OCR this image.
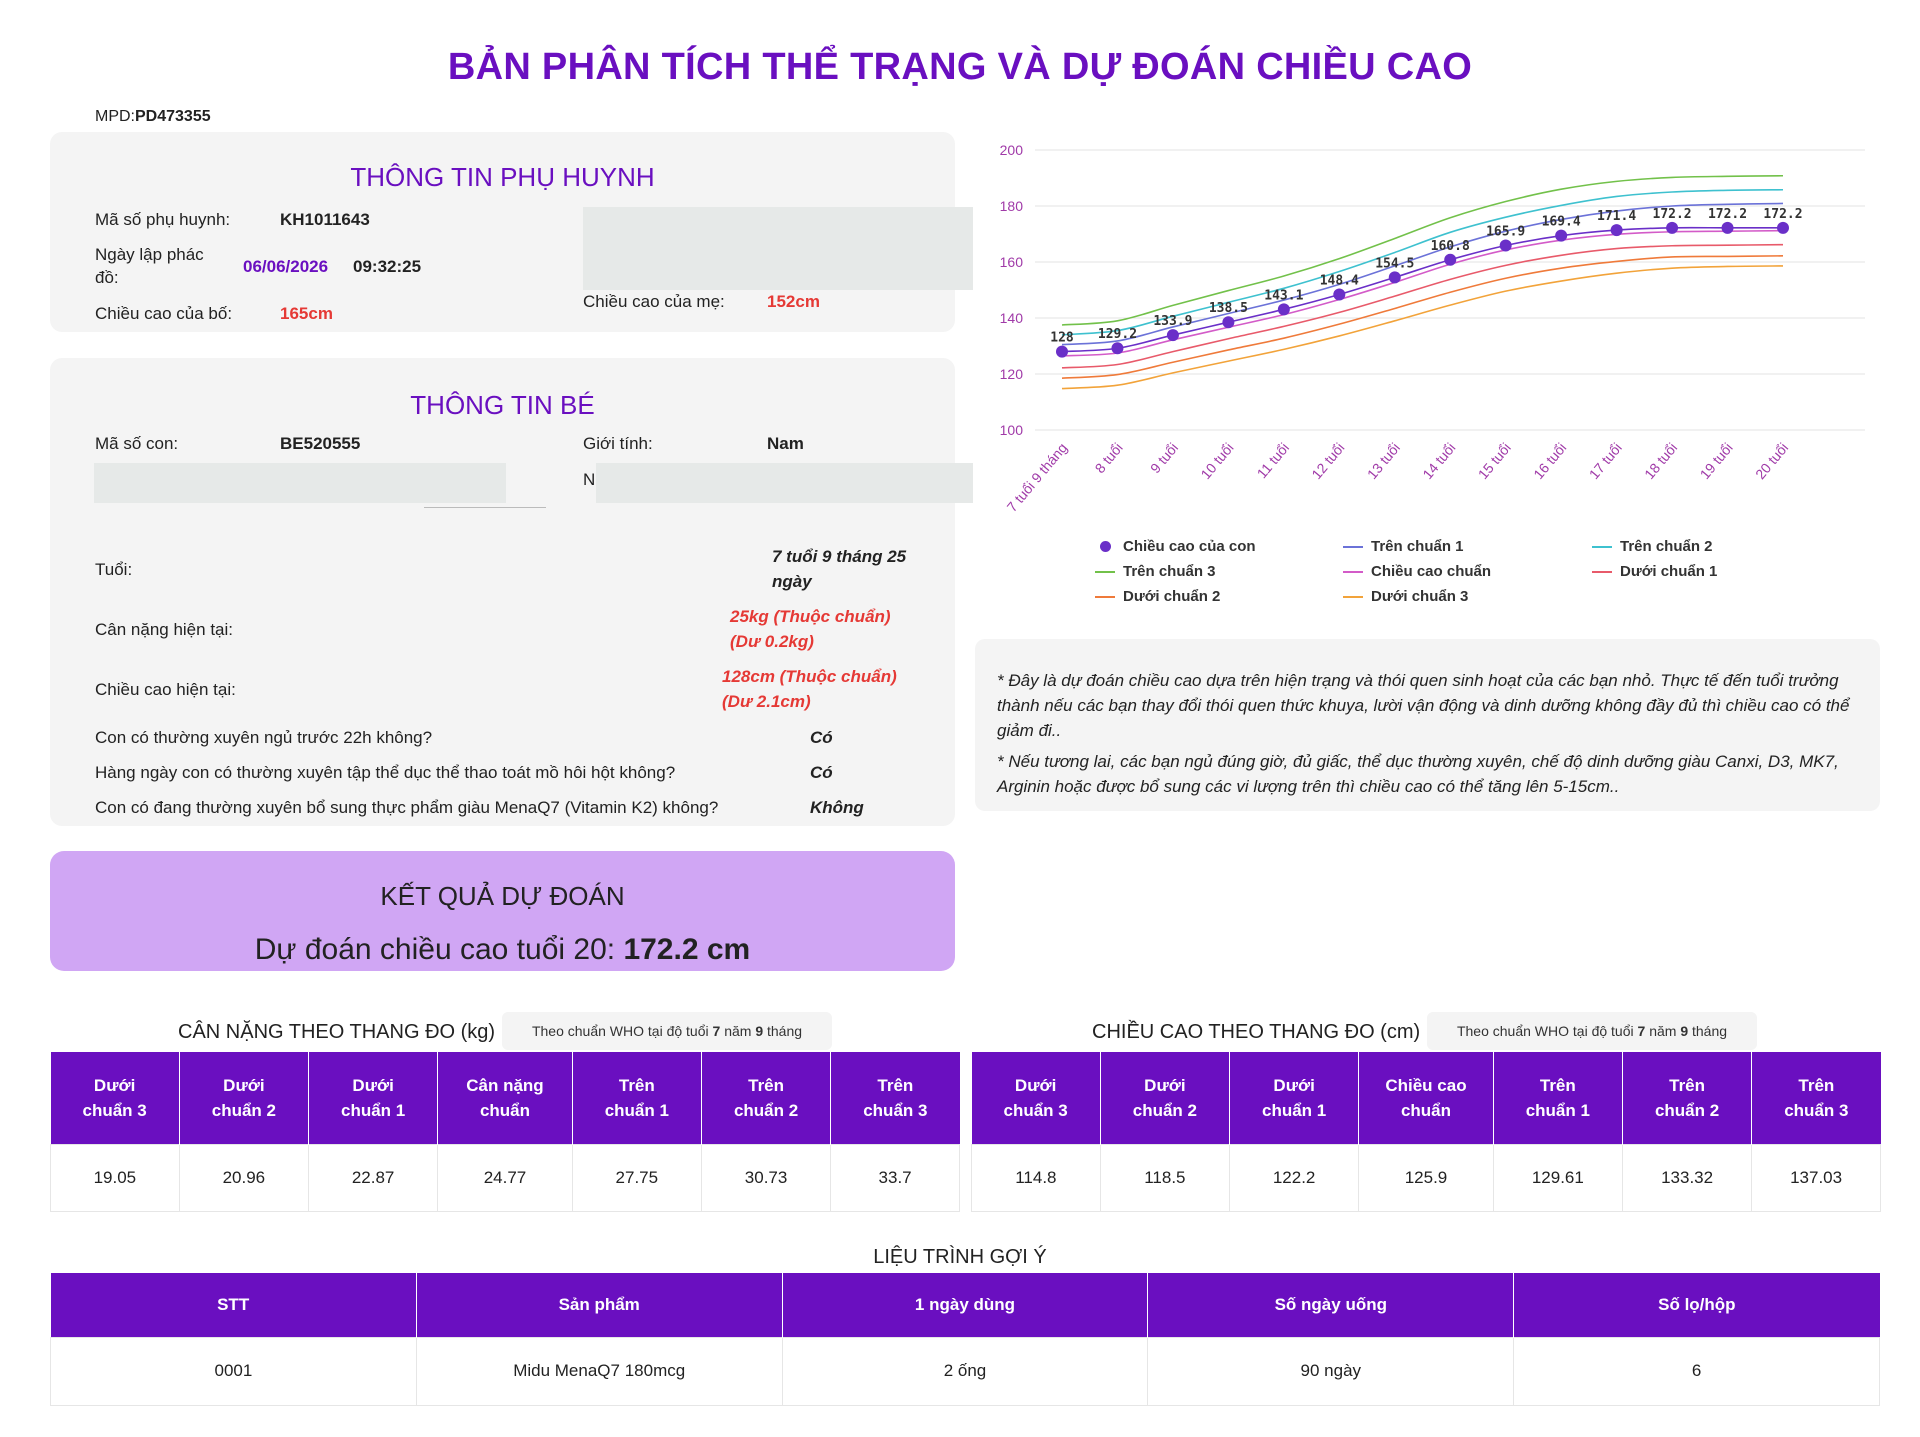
BẢN PHÂN TÍCH THỂ TRẠNG VÀ DỰ ĐOÁN CHIỀU CAO
MPD:PD473355
THÔNG TIN PHỤ HUYNH
Mã số phụ huynh:	KH1011643
Ngày lập phác đồ:
06/06/2026 09:32:25
Chiều cao của bố:	165cm
Chiều cao của mẹ: 152cm
THÔNG TIN BÉ
Mã số con:	BE520555	Giới tính:	Nam
N
Tuổi:
7 tuổi 9 tháng 25 ngày
Cân nặng hiện tại:
25kg (Thuộc chuẩn) (Dư 0.2kg)
Chiều cao hiện tại:
128cm (Thuộc chuẩn) (Dư 2.1cm)
Con có thường xuyên ngủ trước 22h không?	Có
Hàng ngày con có thường xuyên tập thể dục thể thao toát mồ hôi hột không?	Có
Con có đang thường xuyên bổ sung thực phẩm giàu MenaQ7 (Vitamin K2) không?	Không
KẾT QUẢ DỰ ĐOÁN
Dự đoán chiều cao tuổi 20: 172.2 cm
100
120
140
160
180
200
7 tuổi 9 tháng 8 tuổi 9 tuổi 10 tuổi 11 tuổi 12 tuổi 13 tuổi 14 tuổi 15 tuổi 16 tuổi 17 tuổi 18 tuổi 19 tuổi 20 tuổi
128 129.2
133.9
138.5
143.1
148.4
154.5
160.8
165.9
169.4 171.4 172.2 172.2 172.2
Chiều cao của con	Trên chuẩn 1	Trên chuẩn 2
Trên chuẩn 3	Chiều cao chuẩn	Dưới chuẩn 1
Dưới chuẩn 2	Dưới chuẩn 3
* Đây là dự đoán chiều cao dựa trên hiện trạng và thói quen sinh hoạt của các bạn nhỏ. Thực tế đến tuổi trưởng thành nếu các bạn thay đổi thói quen thức khuya, lười vận động và dinh dưỡng không đầy đủ thì chiều cao có thể giảm đi..
* Nếu tương lai, các bạn ngủ đúng giờ, đủ giấc, thể dục thường xuyên, chế độ dinh dưỡng giàu Canxi, D3, MK7, Arginin hoặc được bổ sung các vi lượng trên thì chiều cao có thể tăng lên 5-15cm..
CÂN NẶNG THEO THANG ĐO (kg)	Theo chuẩn WHO tại độ tuổi 7 năm 9 tháng
Dưới chuẩn 3	Dưới chuẩn 2	Dưới chuẩn 1	Cân nặng chuẩn	Trên chuẩn 1	Trên chuẩn 2	Trên chuẩn 3
19.05	20.96	22.87	24.77	27.75	30.73	33.7
CHIỀU CAO THEO THANG ĐO (cm)	Theo chuẩn WHO tại độ tuổi 7 năm 9 tháng
Dưới chuẩn 3	Dưới chuẩn 2	Dưới chuẩn 1	Chiều cao chuẩn	Trên chuẩn 1	Trên chuẩn 2	Trên chuẩn 3
114.8	118.5	122.2	125.9	129.61	133.32	137.03
LIỆU TRÌNH GỢI Ý
STT	Sản phẩm	1 ngày dùng	Số ngày uống	Số lọ/hộp
0001	Midu MenaQ7 180mcg	2 ống	90 ngày	6
